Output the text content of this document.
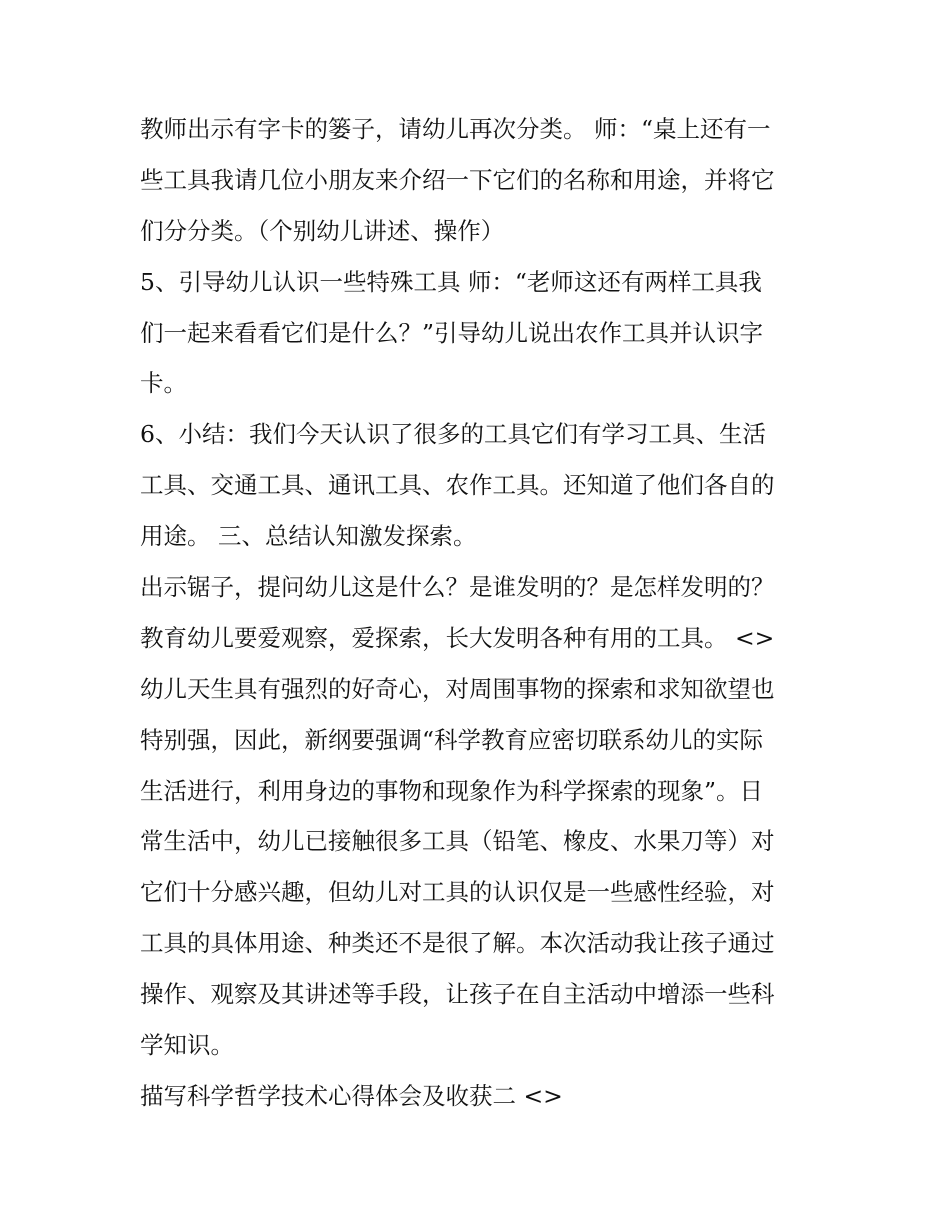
教师出示有字卡的篓子，请幼儿再次分类。 师：“桌上还有一
些工具我请几位小朋友来介绍一下它们的名称和用途，并将它
们分分类。（个别幼儿讲述、操作）
5、引导幼儿认识一些特殊工具 师：“老师这还有两样工具我
们一起来看看它们是什么？”引导幼儿说出农作工具并认识字
卡。
6、小结：我们今天认识了很多的工具它们有学习工具、生活
工具、交通工具、通讯工具、农作工具。还知道了他们各自的
用途。 三、总结认知激发探索。
出示锯子，提问幼儿这是什么？是谁发明的？是怎样发明的？
教育幼儿要爱观察，爱探索，长大发明各种有用的工具。 <>
幼儿天生具有强烈的好奇心，对周围事物的探索和求知欲望也
特别强，因此，新纲要强调“科学教育应密切联系幼儿的实际
生活进行，利用身边的事物和现象作为科学探索的现象”。日
常生活中，幼儿已接触很多工具（铅笔、橡皮、水果刀等）对
它们十分感兴趣，但幼儿对工具的认识仅是一些感性经验，对
工具的具体用途、种类还不是很了解。本次活动我让孩子通过
操作、观察及其讲述等手段，让孩子在自主活动中增添一些科
学知识。
描写科学哲学技术心得体会及收获二 <>
